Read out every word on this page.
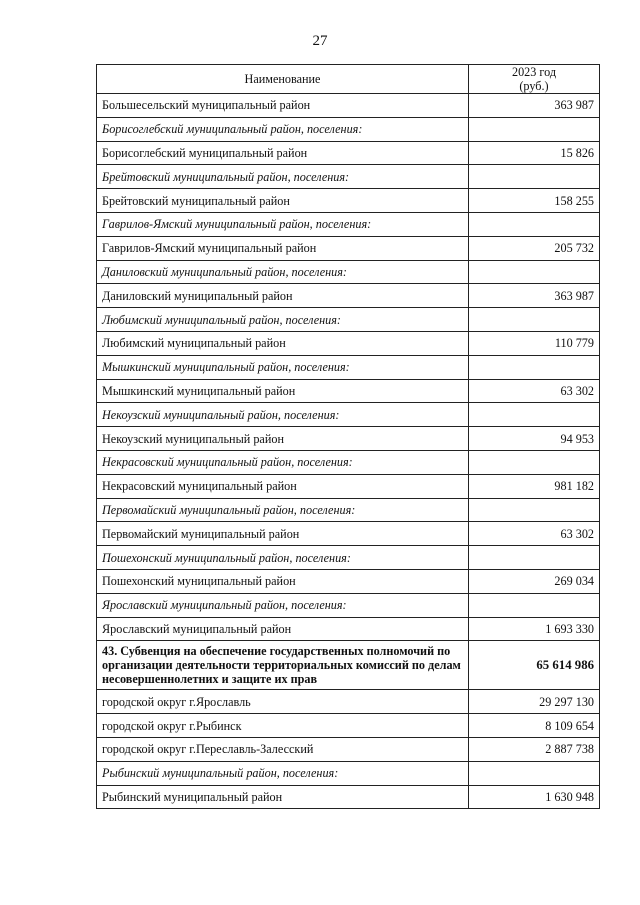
27
Наименование	2023 год
(руб.)

Большесельский муниципальный район	363 987
Борисоглебский муниципальный район, поселения:	
Борисоглебский муниципальный район	15 826
Брейтовский муниципальный район, поселения:	
Брейтовский муниципальный район	158 255
Гаврилов-Ямский муниципальный район, поселения:	
Гаврилов-Ямский муниципальный район	205 732
Даниловский муниципальный район, поселения:	
Даниловский муниципальный район	363 987
Любимский муниципальный район, поселения:	
Любимский муниципальный район	110 779
Мышкинский муниципальный район, поселения:	
Мышкинский муниципальный район	63 302
Некоузский муниципальный район, поселения:	
Некоузский муниципальный район	94 953
Некрасовский муниципальный район, поселения:	
Некрасовский муниципальный район	981 182
Первомайский муниципальный район, поселения:	
Первомайский муниципальный район	63 302
Пошехонский муниципальный район, поселения:	
Пошехонский муниципальный район	269 034
Ярославский муниципальный район, поселения:	
Ярославский муниципальный район	1 693 330
43. Субвенция на обеспечение государственных полномочий по организации деятельности территориальных комиссий по делам несовершеннолетних и защите их прав	65 614 986
городской округ г.Ярославль	29 297 130
городской округ г.Рыбинск	8 109 654
городской округ г.Переславль-Залесский	2 887 738
Рыбинский муниципальный район, поселения:	
Рыбинский муниципальный район	1 630 948
